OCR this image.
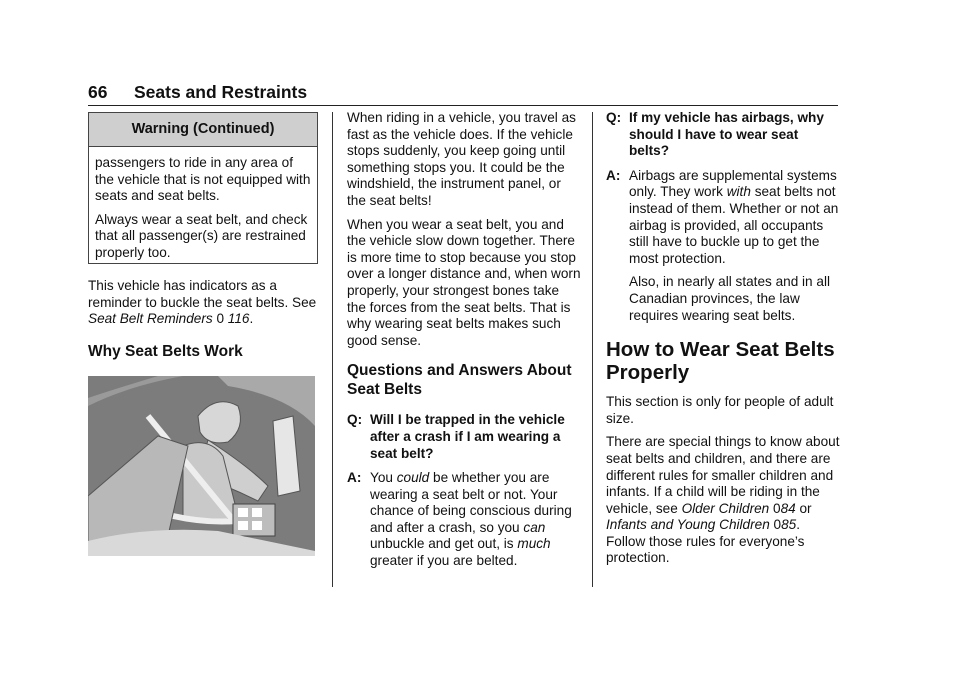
66 Seats and Restraints
Warning (Continued)

passengers to ride in any area of the vehicle that is not equipped with seats and seat belts.

Always wear a seat belt, and check that all passenger(s) are restrained properly too.

This vehicle has indicators as a reminder to buckle the seat belts. See Seat Belt Reminders 0 116.

Why Seat Belts Work

When riding in a vehicle, you travel as fast as the vehicle does. If the vehicle stops suddenly, you keep going until something stops you. It could be the windshield, the instrument panel, or the seat belts!

When you wear a seat belt, you and the vehicle slow down together. There is more time to stop because you stop over a longer distance and, when worn properly, your strongest bones take the forces from the seat belts. That is why wearing seat belts makes such good sense.

Questions and Answers About Seat Belts
Q: Will I be trapped in the vehicle after a crash if I am wearing a seat belt?
A: You could be whether you are wearing a seat belt or not. Your chance of being conscious during and after a crash, so you can unbuckle and get out, is much greater if you are belted.
Q: If my vehicle has airbags, why should I have to wear seat belts?
A: Airbags are supplemental systems only. They work with seat belts not instead of them. Whether or not an airbag is provided, all occupants still have to buckle up to get the most protection.

Also, in nearly all states and in all Canadian provinces, the law requires wearing seat belts.

How to Wear Seat Belts Properly

This section is only for people of adult size.

There are special things to know about seat belts and children, and there are different rules for smaller children and infants. If a child will be riding in the vehicle, see Older Children 084 or Infants and Young Children 085. Follow those rules for everyone’s protection.
